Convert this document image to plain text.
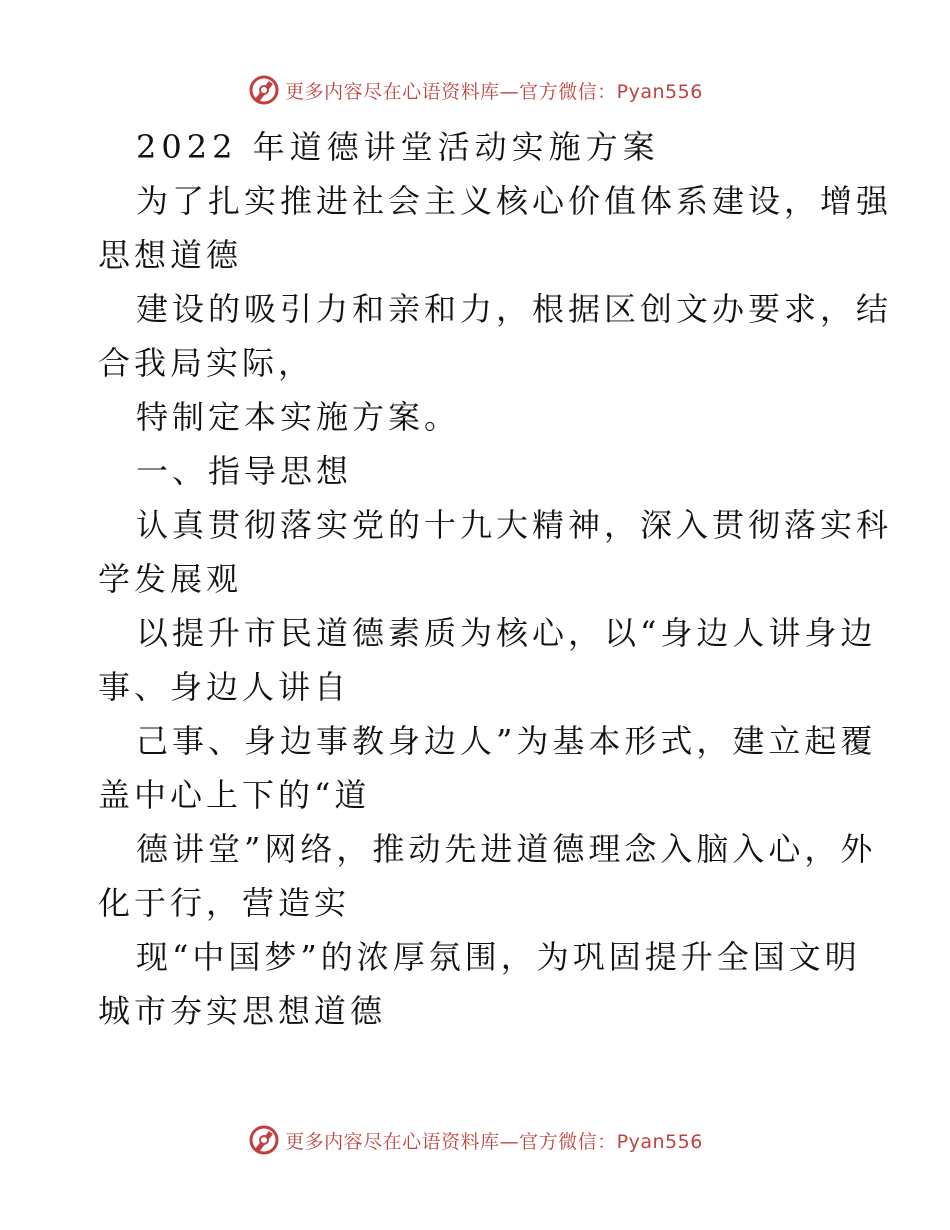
更多内容尽在心语资料库—官方微信：Pyan556

2022 年道德讲堂活动实施方案

为了扎实推进社会主义核心价值体系建设，增强

思想道德

建设的吸引力和亲和力，根据区创文办要求，结

合我局实际，

特制定本实施方案。

一、指导思想

认真贯彻落实党的十九大精神，深入贯彻落实科

学发展观

以提升市民道德素质为核心，以“身边人讲身边

事、身边人讲自

己事、身边事教身边人”为基本形式，建立起覆

盖中心上下的“道

德讲堂”网络，推动先进道德理念入脑入心，外

化于行，营造实

现“中国梦”的浓厚氛围，为巩固提升全国文明

城市夯实思想道德

更多内容尽在心语资料库—官方微信：Pyan556
